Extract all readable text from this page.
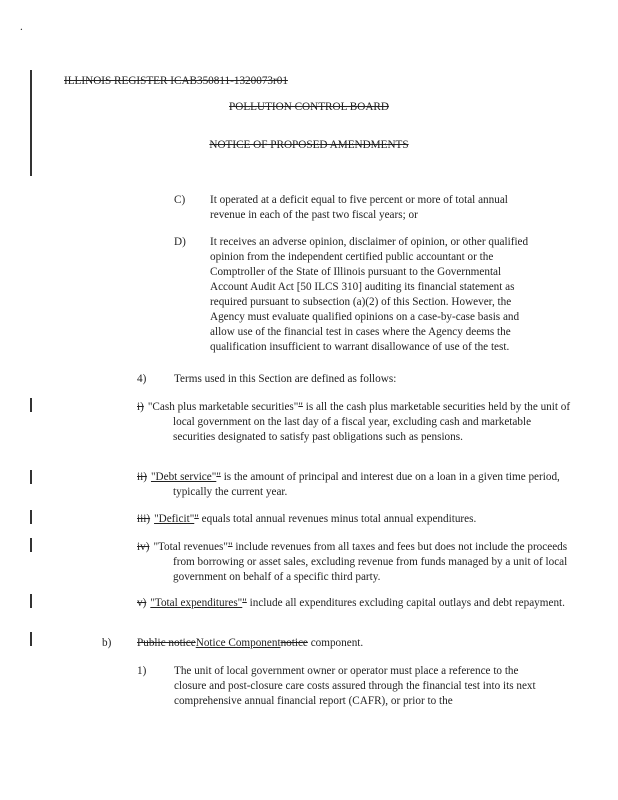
.
ILLINOIS REGISTER ICAB350811-1320073r01
POLLUTION CONTROL BOARD
NOTICE OF PROPOSED AMENDMENTS
C) It operated at a deficit equal to five percent or more of total annual revenue in each of the past two fiscal years; or
D) It receives an adverse opinion, disclaimer of opinion, or other qualified opinion from the independent certified public accountant or the Comptroller of the State of Illinois pursuant to the Governmental Account Audit Act [50 ILCS 310] auditing its financial statement as required pursuant to subsection (a)(2) of this Section. However, the Agency must evaluate qualified opinions on a case-by-case basis and allow use of the financial test in cases where the Agency deems the qualification insufficient to warrant disallowance of use of the test.
4) Terms used in this Section are defined as follows:
i) "Cash plus marketable securities"" is all the cash plus marketable securities held by the unit of local government on the last day of a fiscal year, excluding cash and marketable securities designated to satisfy past obligations such as pensions.
ii) "Debt service"" is the amount of principal and interest due on a loan in a given time period, typically the current year.
iii) "Deficit"" equals total annual revenues minus total annual expenditures.
iv) "Total revenues"" include revenues from all taxes and fees but does not include the proceeds from borrowing or asset sales, excluding revenue from funds managed by a unit of local government on behalf of a specific third party.
v) "Total expenditures"" include all expenditures excluding capital outlays and debt repayment.
b) Public noticeNotice Componentnotice component.
1) The unit of local government owner or operator must place a reference to the closure and post-closure care costs assured through the financial test into its next comprehensive annual financial report (CAFR), or prior to the
